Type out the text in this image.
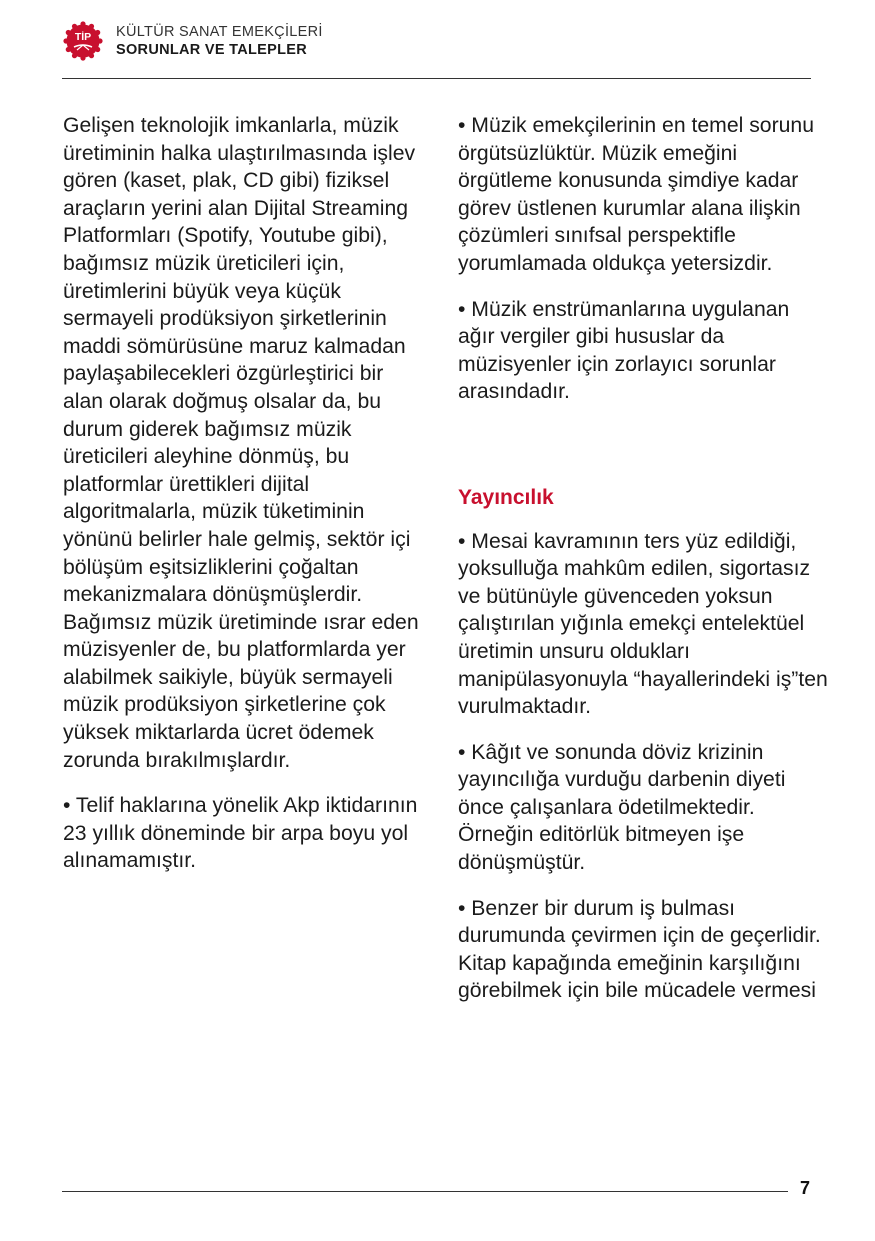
TİP KÜLTÜR SANAT EMEKÇİLERİ
SORUNLAR VE TALEPLER

Gelişen teknolojik imkanlarla, müzik üretiminin halka ulaştırılmasında işlev gören (kaset, plak, CD gibi) fiziksel araçların yerini alan Dijital Streaming Platformları (Spotify, Youtube gibi), bağımsız müzik üreticileri için, üretimlerini büyük veya küçük sermayeli prodüksiyon şirketlerinin maddi sömürüsüne maruz kalmadan paylaşabilecekleri özgürleştirici bir alan olarak doğmuş olsalar da, bu durum giderek bağımsız müzik üreticileri aleyhine dönmüş, bu platformlar ürettikleri dijital algoritmalarla, müzik tüketiminin yönünü belirler hale gelmiş, sektör içi bölüşüm eşitsizliklerini çoğaltan mekanizmalara dönüşmüşlerdir. Bağımsız müzik üretiminde ısrar eden müzisyenler de, bu platformlarda yer alabilmek saikiyle, büyük sermayeli müzik prodüksiyon şirketlerine çok yüksek miktarlarda ücret ödemek zorunda bırakılmışlardır.

• Telif haklarına yönelik Akp iktidarının 23 yıllık döneminde bir arpa boyu yol alınamamıştır.

• Müzik emekçilerinin en temel sorunu örgütsüzlüktür. Müzik emeğini örgütleme konusunda şimdiye kadar görev üstlenen kurumlar alana ilişkin çözümleri sınıfsal perspektifle yorumlamada oldukça yetersizdir.

• Müzik enstrümanlarına uygulanan ağır vergiler gibi hususlar da müzisyenler için zorlayıcı sorunlar arasındadır.

Yayıncılık

• Mesai kavramının ters yüz edildiği, yoksulluğa mahkûm edilen, sigortasız ve bütünüyle güvenceden yoksun çalıştırılan yığınla emekçi entelektüel üretimin unsuru oldukları manipülasyonuyla “hayallerindeki iş”ten vurulmaktadır.

• Kâğıt ve sonunda döviz krizinin yayıncılığa vurduğu darbenin diyeti önce çalışanlara ödetilmektedir. Örneğin editörlük bitmeyen işe dönüşmüştür.

• Benzer bir durum iş bulması durumunda çevirmen için de geçerlidir. Kitap kapağında emeğinin karşılığını görebilmek için bile mücadele vermesi

7
